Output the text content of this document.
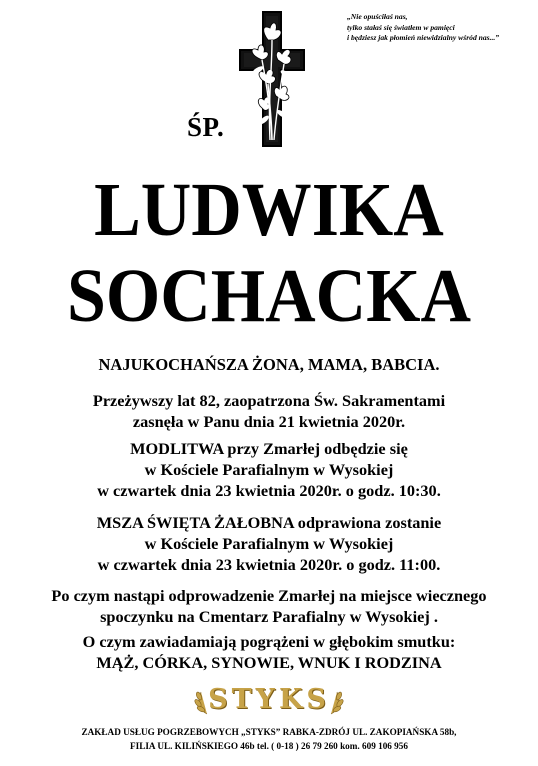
„Nie opuściłaś nas,
tylko stałaś się światłem w pamięci
i będziesz jak płomień niewidzialny wśród nas...”
ŚP.
LUDWIKA
SOCHACKA
NAJUKOCHAŃSZA ŻONA, MAMA, BABCIA.
Przeżywszy lat 82, zaopatrzona Św. Sakramentami
zasnęła w Panu dnia 21 kwietnia 2020r.
MODLITWA przy Zmarłej odbędzie się
w Kościele Parafialnym w Wysokiej
w czwartek dnia 23 kwietnia 2020r. o godz. 10:30.
MSZA ŚWIĘTA ŻAŁOBNA odprawiona zostanie
w Kościele Parafialnym w Wysokiej
w czwartek dnia 23 kwietnia 2020r. o godz. 11:00.
Po czym nastąpi odprowadzenie Zmarłej na miejsce wiecznego
spoczynku na Cmentarz Parafialny w Wysokiej .
O czym zawiadamiają pogrążeni w głębokim smutku:
MĄŻ, CÓRKA, SYNOWIE, WNUK I RODZINA
STYKS
ZAKŁAD USŁUG POGRZEBOWYCH „STYKS” RABKA-ZDRÓJ UL. ZAKOPIAŃSKA 58b,
FILIA UL. KILIŃSKIEGO 46b tel. ( 0-18 ) 26 79 260 kom. 609 106 956
